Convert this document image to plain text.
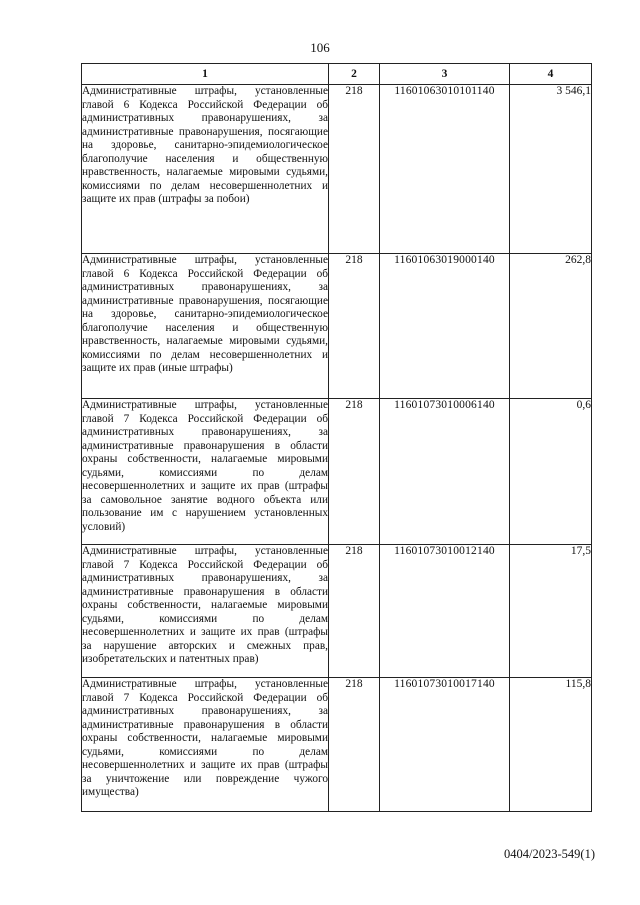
106
1	2	3	4
Административные штрафы, установленные главой 6 Кодекса Российской Федерации об административных правонарушениях, за административные правонарушения, посягающие на здоровье, санитарно-эпидемиологическое благополучие населения и общественную нравственность, налагаемые мировыми судьями, комиссиями по делам несовершеннолетних и защите их прав (штрафы за побои)	218	11601063010101140	3 546,1
Административные штрафы, установленные главой 6 Кодекса Российской Федерации об административных правонарушениях, за административные правонарушения, посягающие на здоровье, санитарно-эпидемиологическое благополучие населения и общественную нравственность, налагаемые мировыми судьями, комиссиями по делам несовершеннолетних и защите их прав (иные штрафы)	218	11601063019000140	262,8
Административные штрафы, установленные главой 7 Кодекса Российской Федерации об административных правонарушениях, за административные правонарушения в области охраны собственности, налагаемые мировыми судьями, комиссиями по делам несовершеннолетних и защите их прав (штрафы за самовольное занятие водного объекта или пользование им с нарушением установленных условий)	218	11601073010006140	0,6
Административные штрафы, установленные главой 7 Кодекса Российской Федерации об административных правонарушениях, за административные правонарушения в области охраны собственности, налагаемые мировыми судьями, комиссиями по делам несовершеннолетних и защите их прав (штрафы за нарушение авторских и смежных прав, изобретательских и патентных прав)	218	11601073010012140	17,5
Административные штрафы, установленные главой 7 Кодекса Российской Федерации об административных правонарушениях, за административные правонарушения в области охраны собственности, налагаемые мировыми судьями, комиссиями по делам несовершеннолетних и защите их прав (штрафы за уничтожение или повреждение чужого имущества)	218	11601073010017140	115,8
0404/2023-549(1)
